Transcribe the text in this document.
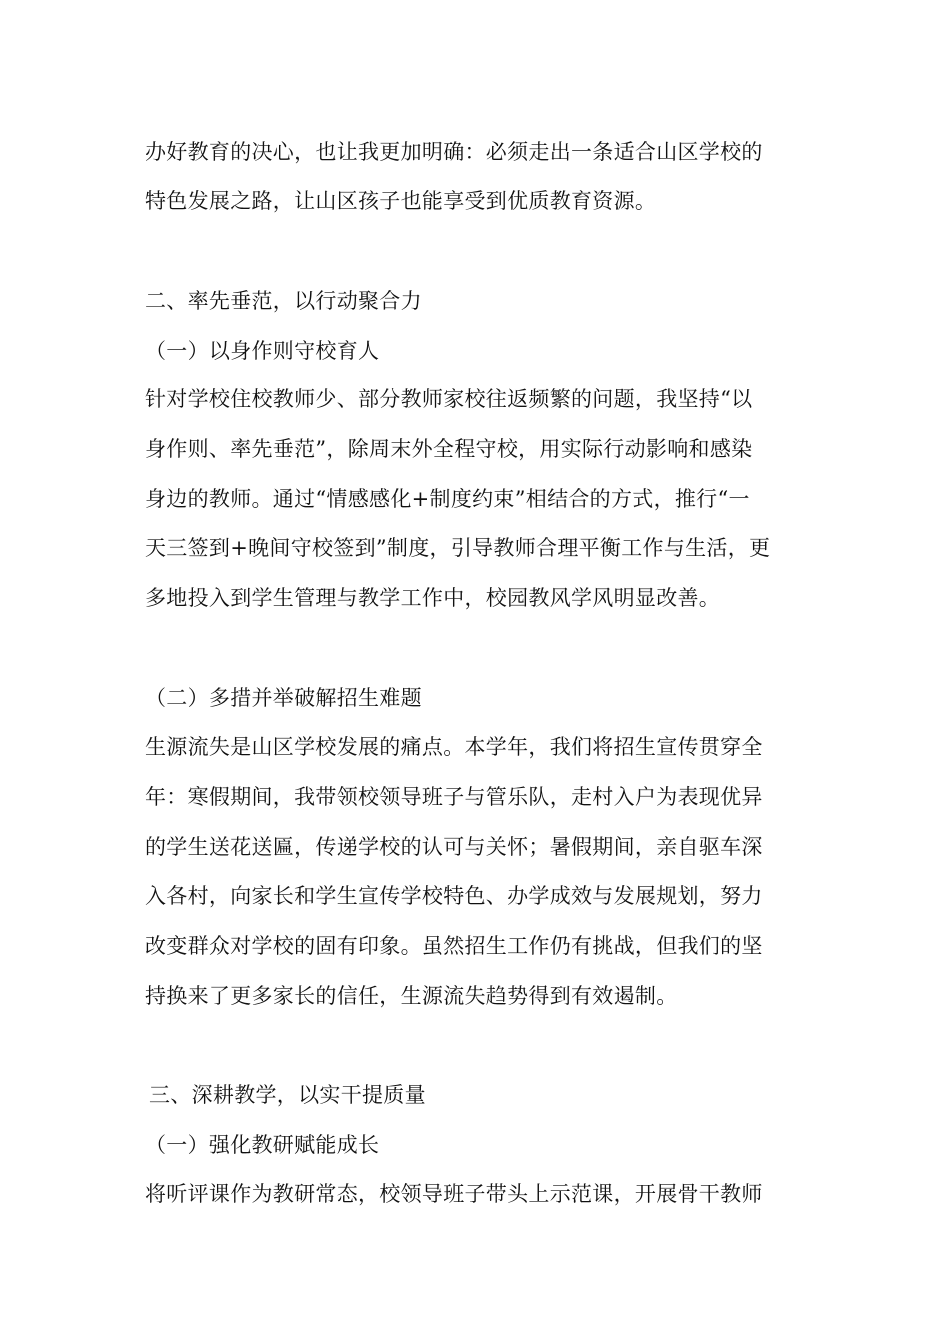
办好教育的决心，也让我更加明确：必须走出一条适合山区学校的
特色发展之路，让山区孩子也能享受到优质教育资源。
二、率先垂范，以行动聚合力
（一）以身作则守校育人
针对学校住校教师少、部分教师家校往返频繁的问题，我坚持“以
身作则、率先垂范”，除周末外全程守校，用实际行动影响和感染
身边的教师。通过“情感感化+制度约束”相结合的方式，推行“一
天三签到+晚间守校签到”制度，引导教师合理平衡工作与生活，更
多地投入到学生管理与教学工作中，校园教风学风明显改善。
（二）多措并举破解招生难题
生源流失是山区学校发展的痛点。本学年，我们将招生宣传贯穿全
年：寒假期间，我带领校领导班子与管乐队，走村入户为表现优异
的学生送花送匾，传递学校的认可与关怀；暑假期间，亲自驱车深
入各村，向家长和学生宣传学校特色、办学成效与发展规划，努力
改变群众对学校的固有印象。虽然招生工作仍有挑战，但我们的坚
持换来了更多家长的信任，生源流失趋势得到有效遏制。
三、深耕教学，以实干提质量
（一）强化教研赋能成长
将听评课作为教研常态，校领导班子带头上示范课，开展骨干教师
